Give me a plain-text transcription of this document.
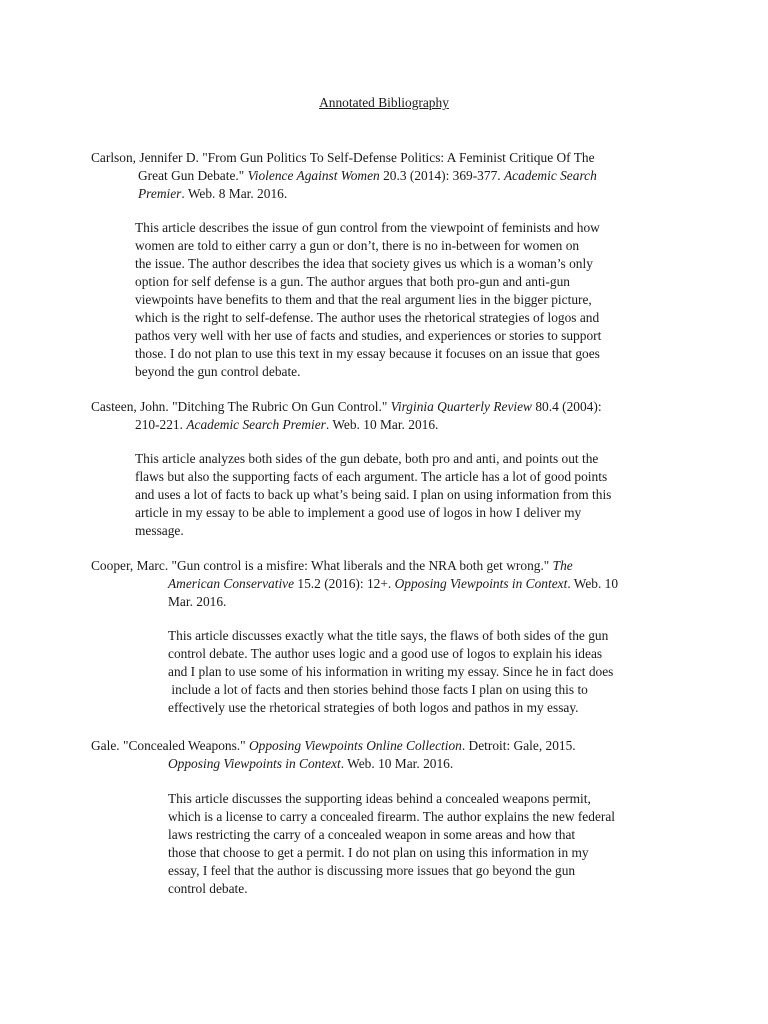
Annotated Bibliography

Carlson, Jennifer D. "From Gun Politics To Self-Defense Politics: A Feminist Critique Of The
Great Gun Debate." Violence Against Women 20.3 (2014): 369-377. Academic Search
Premier. Web. 8 Mar. 2016.

This article describes the issue of gun control from the viewpoint of feminists and how
women are told to either carry a gun or don’t, there is no in-between for women on
the issue. The author describes the idea that society gives us which is a woman’s only
option for self defense is a gun. The author argues that both pro-gun and anti-gun
viewpoints have benefits to them and that the real argument lies in the bigger picture,
which is the right to self-defense. The author uses the rhetorical strategies of logos and
pathos very well with her use of facts and studies, and experiences or stories to support
those. I do not plan to use this text in my essay because it focuses on an issue that goes
beyond the gun control debate.

Casteen, John. "Ditching The Rubric On Gun Control." Virginia Quarterly Review 80.4 (2004):
210-221. Academic Search Premier. Web. 10 Mar. 2016.

This article analyzes both sides of the gun debate, both pro and anti, and points out the
flaws but also the supporting facts of each argument. The article has a lot of good points
and uses a lot of facts to back up what’s being said. I plan on using information from this
article in my essay to be able to implement a good use of logos in how I deliver my
message.

Cooper, Marc. "Gun control is a misfire: What liberals and the NRA both get wrong." The
American Conservative 15.2 (2016): 12+. Opposing Viewpoints in Context. Web. 10
Mar. 2016.

This article discusses exactly what the title says, the flaws of both sides of the gun
control debate. The author uses logic and a good use of logos to explain his ideas
and I plan to use some of his information in writing my essay. Since he in fact does
include a lot of facts and then stories behind those facts I plan on using this to
effectively use the rhetorical strategies of both logos and pathos in my essay.

Gale. "Concealed Weapons." Opposing Viewpoints Online Collection. Detroit: Gale, 2015.
Opposing Viewpoints in Context. Web. 10 Mar. 2016.

This article discusses the supporting ideas behind a concealed weapons permit,
which is a license to carry a concealed firearm. The author explains the new federal
laws restricting the carry of a concealed weapon in some areas and how that
those that choose to get a permit. I do not plan on using this information in my
essay, I feel that the author is discussing more issues that go beyond the gun
control debate.
